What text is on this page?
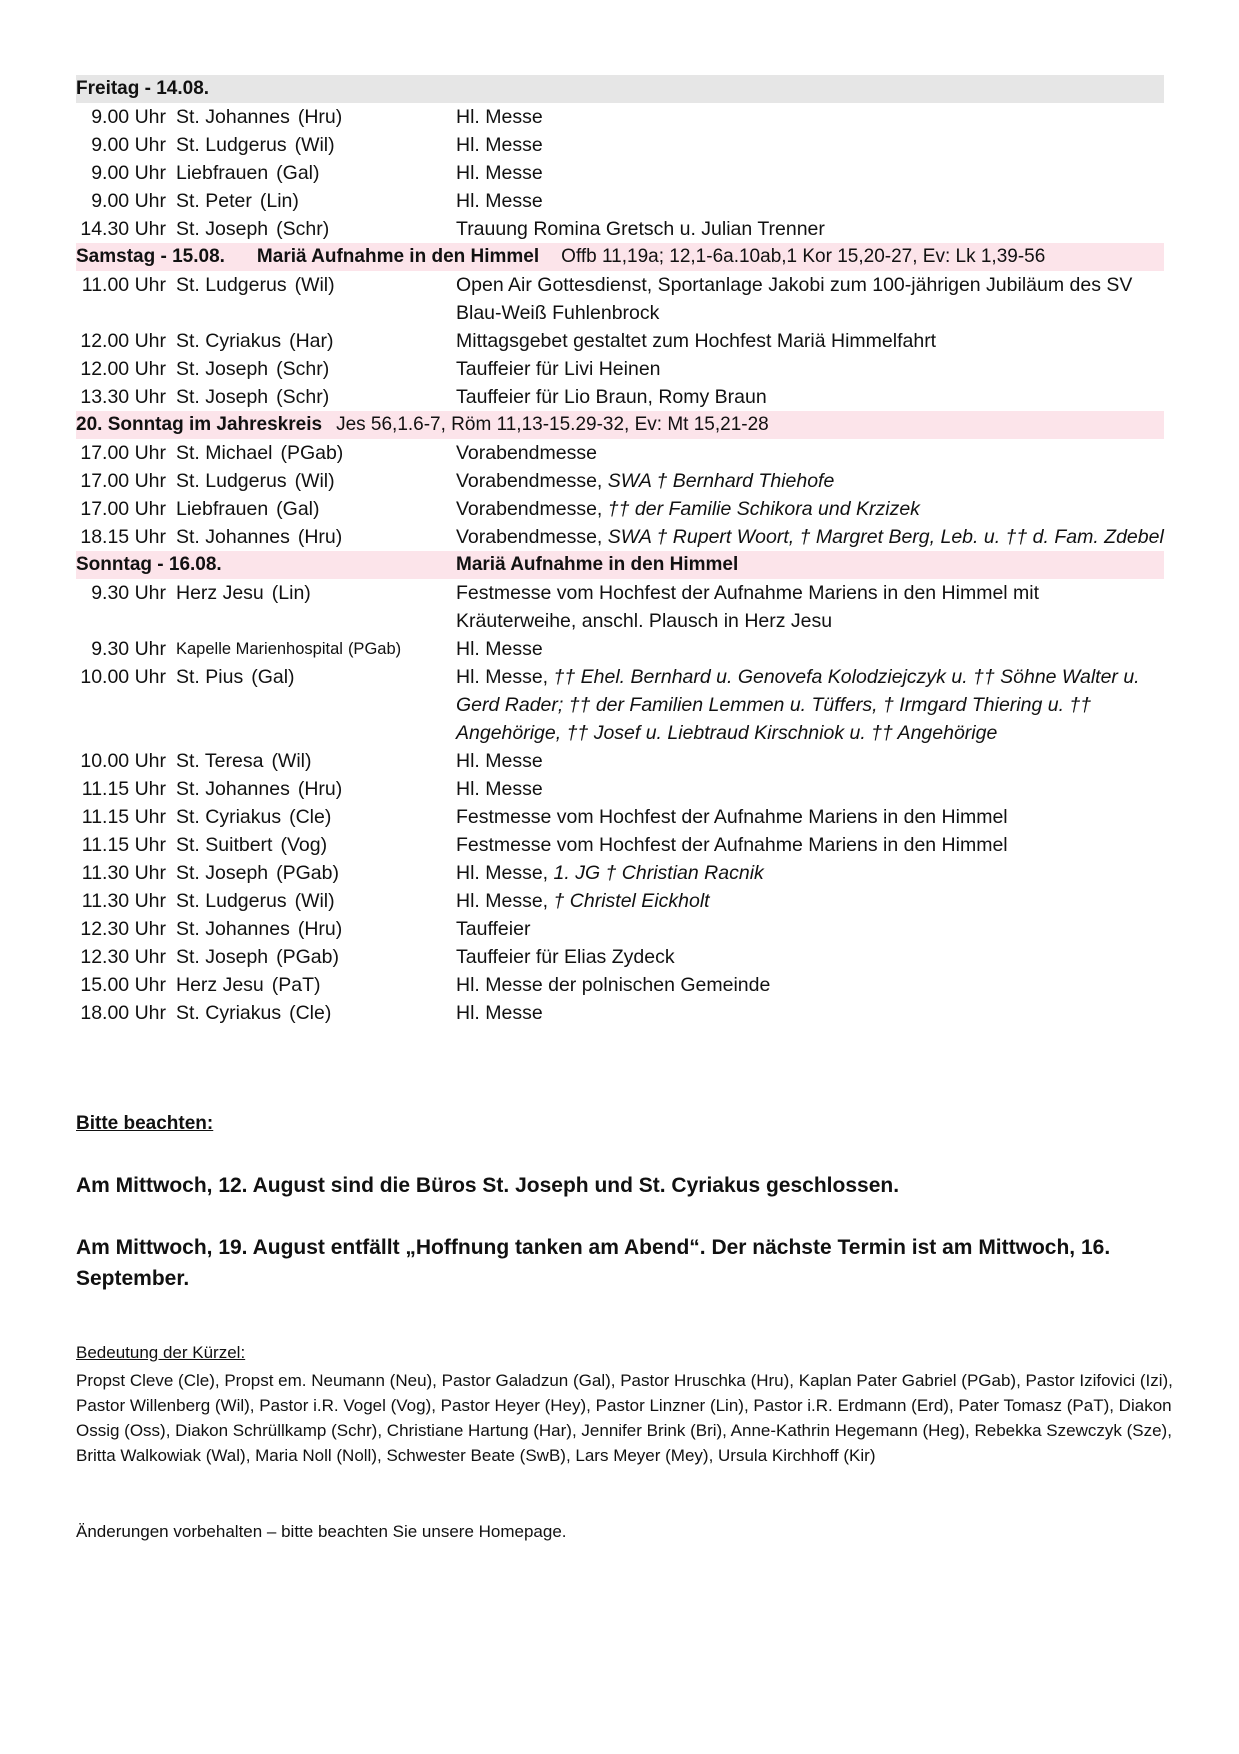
Freitag - 14.08.
9.00 Uhr St. Johannes (Hru)	Hl. Messe
9.00 Uhr St. Ludgerus (Wil)	Hl. Messe
9.00 Uhr Liebfrauen (Gal)	Hl. Messe
9.00 Uhr St. Peter (Lin)	Hl. Messe
14.30 Uhr St. Joseph (Schr)	Trauung Romina Gretsch u. Julian Trenner
Samstag - 15.08. Mariä Aufnahme in den Himmel Offb 11,19a; 12,1-6a.10ab,1 Kor 15,20-27, Ev: Lk 1,39-56
11.00 Uhr St. Ludgerus (Wil)	Open Air Gottesdienst, Sportanlage Jakobi zum 100-jährigen Jubiläum des SV Blau-Weiß Fuhlenbrock
12.00 Uhr St. Cyriakus (Har)	Mittagsgebet gestaltet zum Hochfest Mariä Himmelfahrt
12.00 Uhr St. Joseph (Schr)	Tauffeier für Livi Heinen
13.30 Uhr St. Joseph (Schr)	Tauffeier für Lio Braun, Romy Braun
20. Sonntag im Jahreskreis Jes 56,1.6-7, Röm 11,13-15.29-32, Ev: Mt 15,21-28
17.00 Uhr St. Michael (PGab)	Vorabendmesse
17.00 Uhr St. Ludgerus (Wil)	Vorabendmesse, SWA † Bernhard Thiehofe
17.00 Uhr Liebfrauen (Gal)	Vorabendmesse, †† der Familie Schikora und Krzizek
18.15 Uhr St. Johannes (Hru)	Vorabendmesse, SWA † Rupert Woort, † Margret Berg, Leb. u. †† d. Fam. Zdebel
Sonntag - 16.08.	Mariä Aufnahme in den Himmel
9.30 Uhr Herz Jesu (Lin)	Festmesse vom Hochfest der Aufnahme Mariens in den Himmel mit Kräuterweihe, anschl. Plausch in Herz Jesu
9.30 Uhr Kapelle Marienhospital (PGab)	Hl. Messe
10.00 Uhr St. Pius (Gal)	Hl. Messe, †† Ehel. Bernhard u. Genovefa Kolodziejczyk u. †† Söhne Walter u. Gerd Rader; †† der Familien Lemmen u. Tüffers, † Irmgard Thiering u. †† Angehörige, †† Josef u. Liebtraud Kirschniok u. †† Angehörige
10.00 Uhr St. Teresa (Wil)	Hl. Messe
11.15 Uhr St. Johannes (Hru)	Hl. Messe
11.15 Uhr St. Cyriakus (Cle)	Festmesse vom Hochfest der Aufnahme Mariens in den Himmel
11.15 Uhr St. Suitbert (Vog)	Festmesse vom Hochfest der Aufnahme Mariens in den Himmel
11.30 Uhr St. Joseph (PGab)	Hl. Messe, 1. JG † Christian Racnik
11.30 Uhr St. Ludgerus (Wil)	Hl. Messe, † Christel Eickholt
12.30 Uhr St. Johannes (Hru)	Tauffeier
12.30 Uhr St. Joseph (PGab)	Tauffeier für Elias Zydeck
15.00 Uhr Herz Jesu (PaT)	Hl. Messe der polnischen Gemeinde
18.00 Uhr St. Cyriakus (Cle)	Hl. Messe
Bitte beachten:
Am Mittwoch, 12. August sind die Büros St. Joseph und St. Cyriakus geschlossen.
Am Mittwoch, 19. August entfällt „Hoffnung tanken am Abend“. Der nächste Termin ist am Mittwoch, 16. September.
Bedeutung der Kürzel:
Propst Cleve (Cle), Propst em. Neumann (Neu), Pastor Galadzun (Gal), Pastor Hruschka (Hru), Kaplan Pater Gabriel (PGab), Pastor Izifovici (Izi), Pastor Willenberg (Wil), Pastor i.R. Vogel (Vog), Pastor Heyer (Hey), Pastor Linzner (Lin), Pastor i.R. Erdmann (Erd), Pater Tomasz (PaT), Diakon Ossig (Oss), Diakon Schrüllkamp (Schr), Christiane Hartung (Har), Jennifer Brink (Bri), Anne-Kathrin Hegemann (Heg), Rebekka Szewczyk (Sze), Britta Walkowiak (Wal), Maria Noll (Noll), Schwester Beate (SwB), Lars Meyer (Mey), Ursula Kirchhoff (Kir)
Änderungen vorbehalten – bitte beachten Sie unsere Homepage.
